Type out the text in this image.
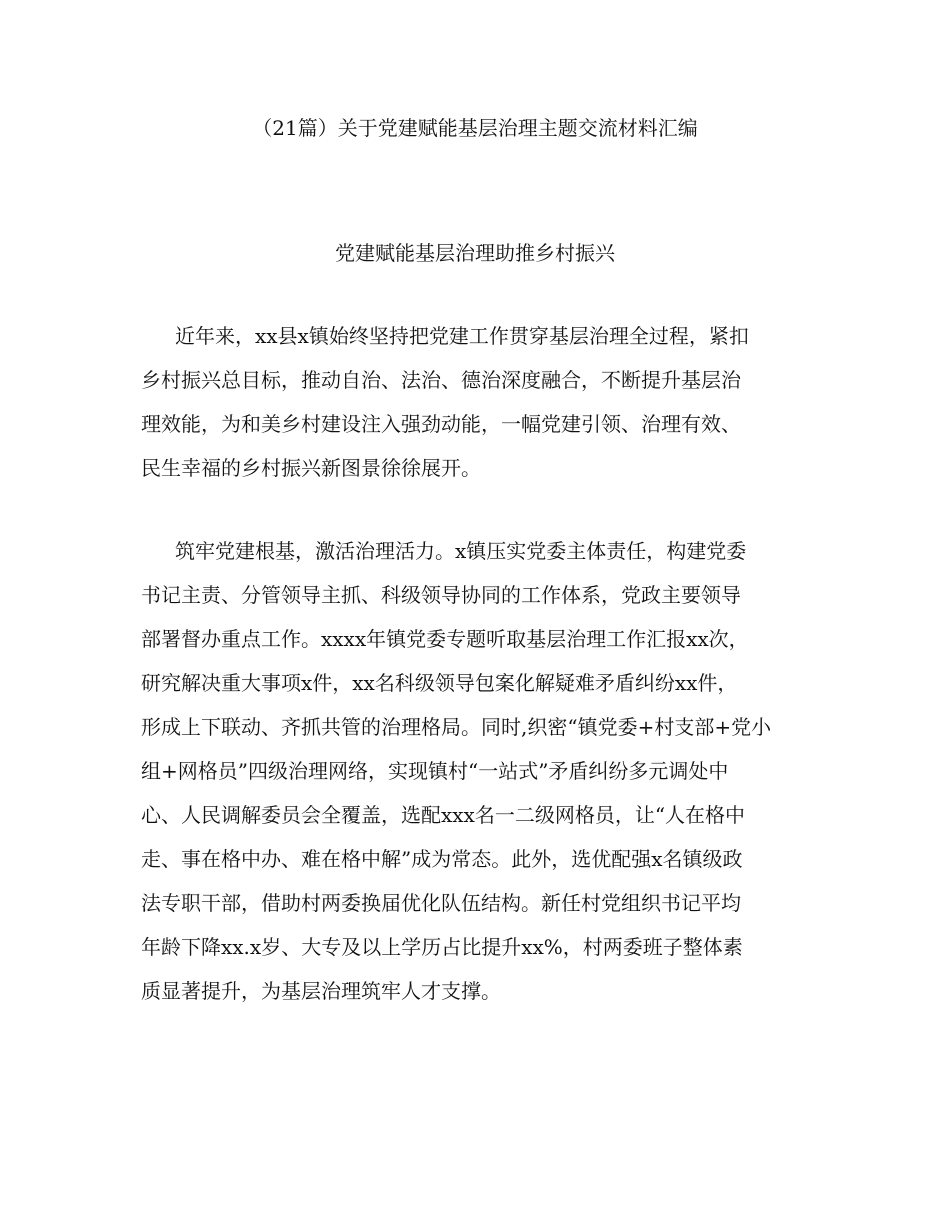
（21篇）关于党建赋能基层治理主题交流材料汇编
党建赋能基层治理助推乡村振兴
近年来，xx县x镇始终坚持把党建工作贯穿基层治理全过程，紧扣
乡村振兴总目标，推动自治、法治、德治深度融合，不断提升基层治
理效能，为和美乡村建设注入强劲动能，一幅党建引领、治理有效、
民生幸福的乡村振兴新图景徐徐展开。
筑牢党建根基，激活治理活力。x镇压实党委主体责任，构建党委
书记主责、分管领导主抓、科级领导协同的工作体系，党政主要领导
部署督办重点工作。xxxx年镇党委专题听取基层治理工作汇报xx次，
研究解决重大事项x件，xx名科级领导包案化解疑难矛盾纠纷xx件，
形成上下联动、齐抓共管的治理格局。同时,织密“镇党委+村支部+党小
组+网格员”四级治理网络，实现镇村“一站式”矛盾纠纷多元调处中
心、人民调解委员会全覆盖，选配xxx名一二级网格员，让“人在格中
走、事在格中办、难在格中解”成为常态。此外，选优配强x名镇级政
法专职干部，借助村两委换届优化队伍结构。新任村党组织书记平均
年龄下降xx.x岁、大专及以上学历占比提升xx%，村两委班子整体素
质显著提升，为基层治理筑牢人才支撑。
